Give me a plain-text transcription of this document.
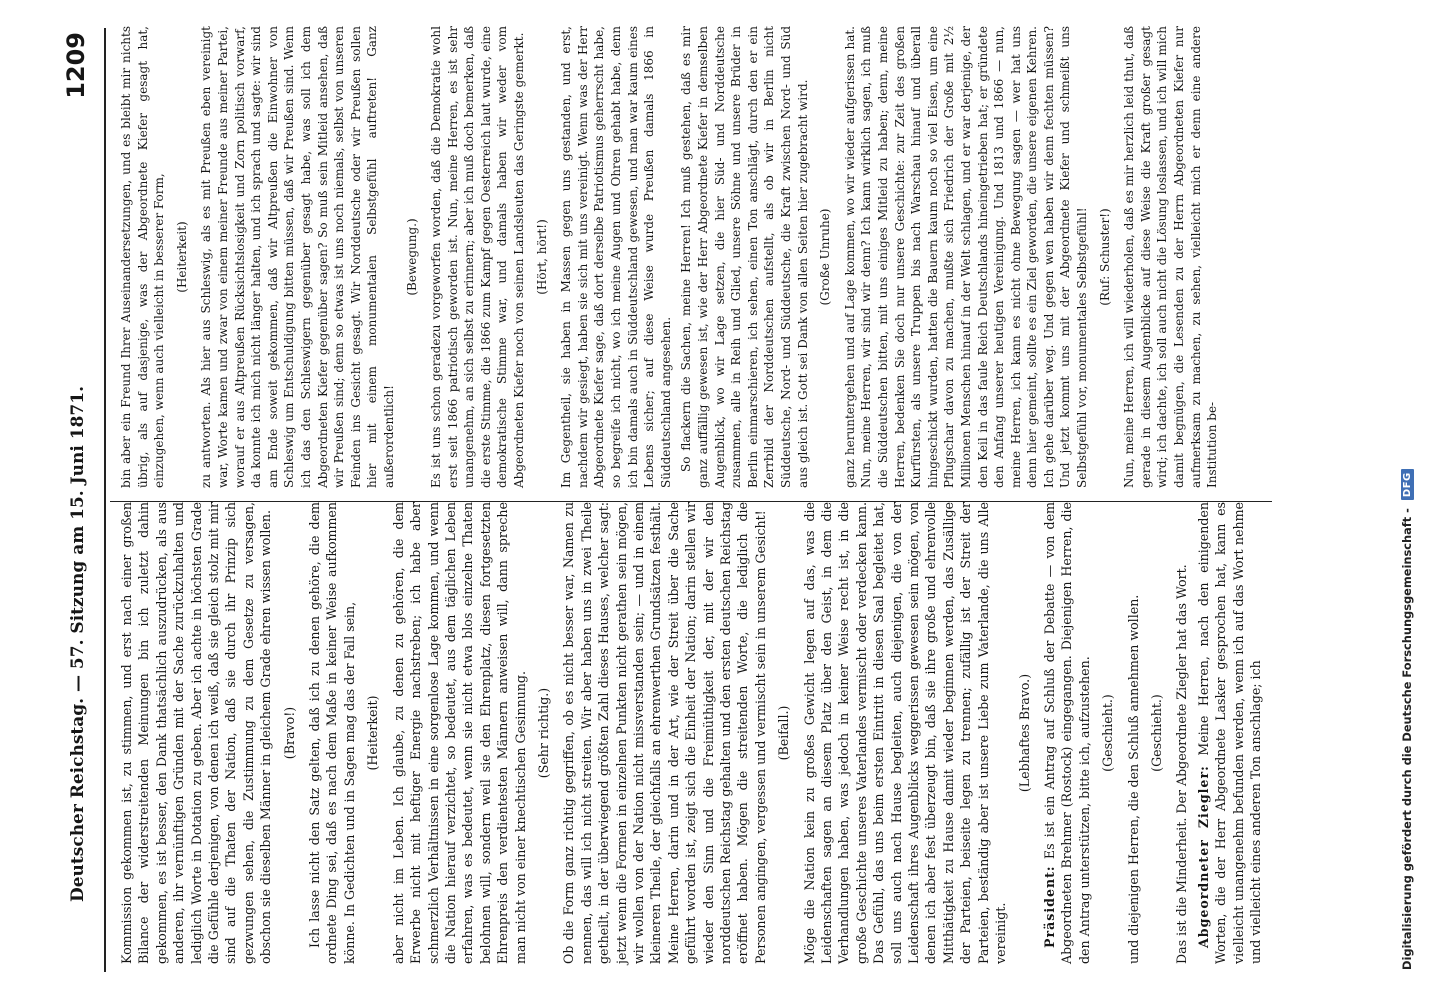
Deutscher Reichstag. — 57. Sitzung am 15. Juni 1871.
1209

Kommission gekommen ist, zu stimmen, und erst nach einer großen Bilance der widerstreitenden Meinungen bin ich zuletzt dahin gekommen, es ist besser, den Dank thatsächlich auszudrücken, als aus anderen, ihr vernünftigen Gründen mit der Sache zurückzuhalten und lediglich Worte in Dotation zu geben. Aber ich achte in höchsten Grade die Gefühle derjenigen, von denen ich weiß, daß sie gleich stolz mit mir sind auf die Thaten der Nation, daß sie durch ihr Prinzip sich gezwungen sehen, die Zustimmung zu dem Gesetze zu versagen, obschon sie dieselben Männer in gleichem Grade ehren wissen wollen. (Bravo!) Ich lasse nicht den Satz gelten, daß ich zu denen gehöre, die dem ordnete Ding sei, daß es nach dem Maße in keiner Weise aufkommen könne. In Gedichten und in Sagen mag das der Fall sein, (Heiterkeit) aber nicht im Leben. Ich glaube, zu denen zu gehören, die dem Erwerbe nicht mit heftiger Energie nachstreben; ich habe aber schmerzlich Verhältnissen in eine sorgenlose Lage kommen, und wenn die Nation hierauf verzichtet, so bedeutet, aus dem täglichen Leben erfahren, was es bedeutet, wenn sie nicht etwa blos einzelne Thaten belohnen will, sondern weil sie den Ehrenplatz, diesen fortgesetzten Ehrenpreis den verdientesten Männern anweisen will, dann spreche man nicht von einer knechtischen Gesinnung. (Sehr richtig.) Ob die Form ganz richtig gegriffen, ob es nicht besser war, Namen zu nennen, das will ich nicht streiten. Wir aber haben uns in zwei Theile getheilt, in der überwiegend größten Zahl dieses Hauses, welcher sagt: jetzt wenn die Formen in einzelnen Punkten nicht gerathen sein mögen, wir wollen von der Nation nicht missverstanden sein; — und in einem kleineren Theile, der gleichfalls an ehrenwerthen Grundsätzen festhält. Meine Herren, darin und in der Art, wie der Streit über die Sache geführt worden ist, zeigt sich die Einheit der Nation; darin stellen wir wieder den Sinn und die Freimüthigkeit der, mit der wir den norddeutschen Reichstag gehalten und den ersten deutschen Reichstag eröffnet haben. Mögen die streitenden Worte, die lediglich die Personen angingen, vergessen und vermischt sein in unserem Gesicht! (Beifall.) Möge die Nation kein zu großes Gewicht legen auf das, was die Leidenschaften sagen an diesem Platz über den Geist, in dem die Verhandlungen haben, was jedoch in keiner Weise recht ist, in die große Geschichte unseres Vaterlandes vermischt oder verdecken kann. Das Gefühl, das uns beim ersten Eintritt in diesen Saal begleitet hat, soll uns auch nach Hause begleiten, auch diejenigen, die von der Leidenschaft ihres Augenblicks weggerissen gewesen sein mögen, von denen ich aber fest überzeugt bin, daß sie ihre große und ehrenvolle Mitthätigkeit zu Hause damit wieder beginnen werden, das Zusällige der Parteien, beiseite legen zu trennen; zufällig ist der Streit der Parteien, beständig aber ist unsere Liebe zum Vaterlande, die uns Alle vereinigt.

(Lebhaftes Bravo.)

Präsident: Es ist ein Antrag auf Schluß der Debatte — von dem Abgeordneten Brehmer (Rostock) eingegangen. Diejenigen Herren, die den Antrag unterstützen, bitte ich, aufzustehen. (Geschieht.) und diejenigen Herren, die den Schluß annehmen wollen. (Geschieht.) Das ist die Minderheit. Der Abgeordnete Ziegler hat das Wort. Abgeordneter Ziegler: Meine Herren, nach den einigenden Worten, die der Herr Abgeordnete Lasker gesprochen hat, kann es vielleicht unangenehm befunden werden, wenn ich auf das Wort nehme und vielleicht eines anderen Ton anschlage; ich

bin aber ein Freund Ihrer Auseinandersetzungen, und es bleibt mir nichts übrig, als auf dasjenige, was der Abgeordnete Kiefer gesagt hat, einzugehen, wenn auch vielleicht in besserer Form, (Heiterkeit) zu antworten. Als hier aus Schleswig, als es mit Preußen eben vereinigt war, Worte kamen und zwar von einem meiner Freunde aus meiner Partei, worauf er aus Altpreußen Rücksichtslosigkeit und Zorn politisch vorwarf, da konnte ich mich nicht länger halten, und ich sprach und sagte: wir sind am Ende soweit gekommen, daß wir Altpreußen die Einwohner von Schleswig um Entschuldigung bitten müssen, daß wir Preußen sind. Wenn ich das den Schleswigern gegenüber gesagt habe, was soll ich dem Abgeordneten Kiefer gegenüber sagen? So muß sein Mitleid ansehen, daß wir Preußen sind; denn so etwas ist uns noch niemals, selbst von unseren Feinden ins Gesicht gesagt. Wir Norddeutsche oder wir Preußen sollen hier mit einem monumentalen Selbstgefühl auftreten! Ganz außerordentlich!

(Bewegung.) Es ist uns schon geradezu vorgeworfen worden, daß die Demokratie wohl erst seit 1866 patriotisch geworden ist. Nun, meine Herren, es ist sehr unangenehm, an sich selbst zu erinnern; aber ich muß doch bemerken, daß die erste Stimme, die 1866 zum Kampf gegen Oesterreich laut wurde, eine demokratische Stimme war, und damals haben wir weder vom Abgeordneten Kiefer noch von seinen Landsleuten das Geringste gemerkt. (Hört, hört!) Im Gegentheil, sie haben in Massen gegen uns gestanden, und erst, nachdem wir gesiegt, haben sie sich mit uns vereinigt. Wenn was der Herr Abgeordnete Kiefer sage, daß dort derselbe Patriotismus geherrscht habe, so begreife ich nicht, wo ich meine Augen und Ohren gehabt habe, denn ich bin damals auch in Süddeutschland gewesen, und man war kaum eines Lebens sicher; auf diese Weise wurde Preußen damals 1866 in Süddeutschland angesehen. So flackern die Sachen, meine Herren! Ich muß gestehen, daß es mir ganz auffällig gewesen ist, wie der Herr Abgeordnete Kiefer in demselben Augenblick, wo wir Lage setzen, die hier Süd- und Norddeutsche zusammen, alle in Reih und Glied, unsere Söhne und unsere Brüder in Berlin einmarschieren, ich sehen, einen Ton anschlägt, durch den er ein Zerrbild der Norddeutschen aufstellt, als ob wir in Berlin nicht Süddeutsche, Nord- und Süddeutsche, die Kraft zwischen Nord- und Süd aus gleich ist. Gott sei Dank von allen Seiten hier zugebracht wird. (Große Unruhe) ganz heruntergehen und auf Lage kommen, wo wir wieder aufgerissen hat. Nun, meine Herren, wir sind wir denn? Ich kann wirklich sagen, ich muß die Süddeutschen bitten, mit uns einiges Mitleid zu haben; denn, meine Herren, bedenken Sie doch nur unsere Geschichte: zur Zeit des großen Kurfürsten, als unsere Truppen bis nach Warschau hinauf und überall hingeschickt wurden, hatten die Bauern kaum noch so viel Eisen, um eine Pflugschar davon zu machen, mußte sich Friedrich der Große mit 2½ Millionen Menschen hinauf in der Welt schlagen, und er war derjenige, der den Keil in das faule Reich Deutschlands hineingetrieben hat; er gründete den Anfang unserer heutigen Vereinigung. Und 1813 und 1866 — nun, meine Herren, ich kann es nicht ohne Bewegung sagen — wer hat uns denn hier gemeint, sollte es ein Ziel geworden, die unsere eigenen Kehren. Ich gehe darüber weg. Und gegen wen haben wir denn fechten müssen? Und jetzt kommt uns mit der Abgeordnete Kiefer und schmeißt uns Selbstgefühl vor, monumentales Selbstgefühl! (Ruf: Schuster!) Nun, meine Herren, ich will wiederholen, daß es mir herzlich leid thut, daß gerade in diesem Augenblicke auf diese Weise die Kraft großer gesagt wird; ich dachte, ich soll auch nicht die Lösung loslassen, und ich will mich damit begnügen, die Lesenden zu der Herrn Abgeordneten Kiefer nur aufmerksam zu machen, zu sehen, vielleicht mich er denn eine andere Institution be-

Digitalisierung gefördert durch die Deutsche Forschungsgemeinschaft -
DFG
